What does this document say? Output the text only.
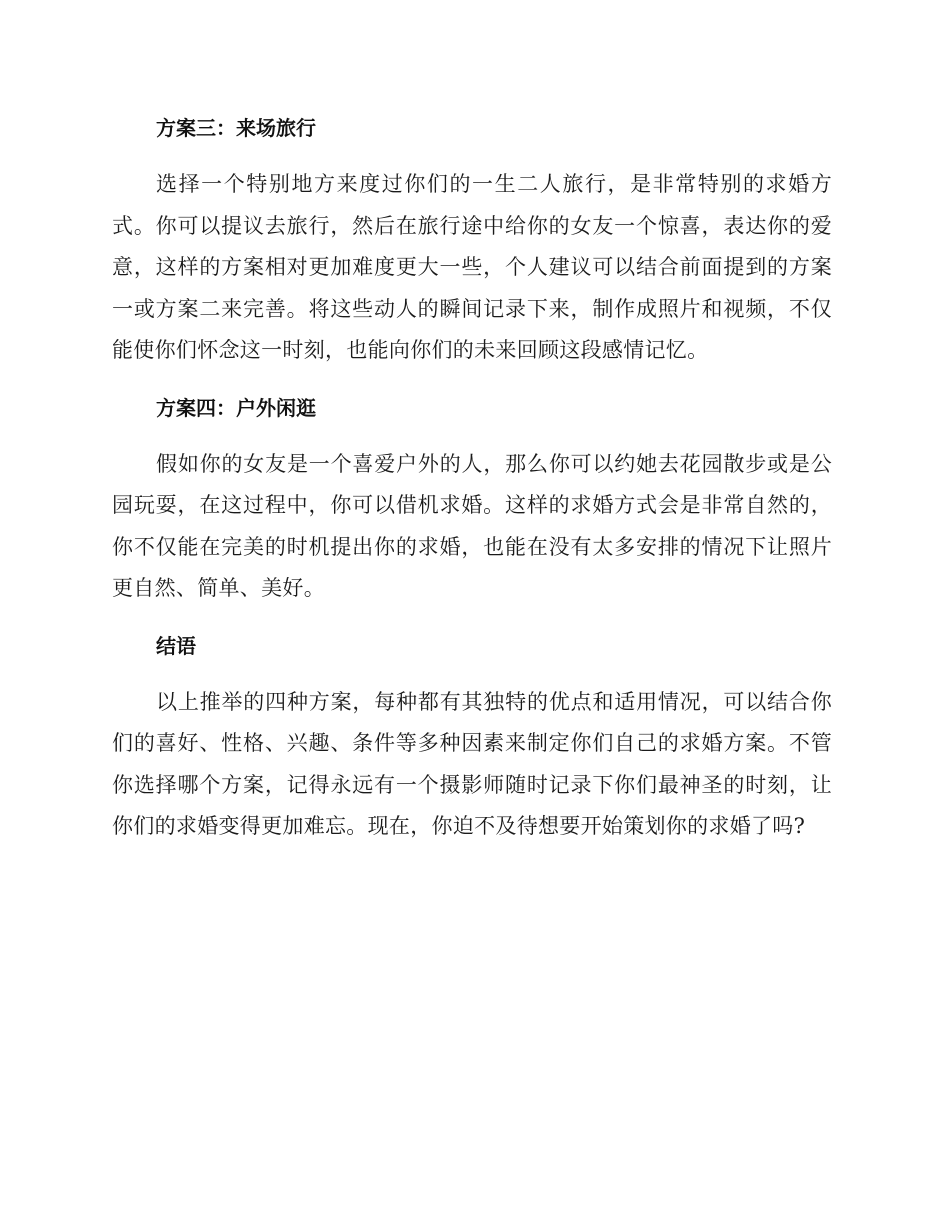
方案三：来场旅行

选择一个特别地方来度过你们的一生二人旅行，是非常特别的求婚方式。你可以提议去旅行，然后在旅行途中给你的女友一个惊喜，表达你的爱意，这样的方案相对更加难度更大一些，个人建议可以结合前面提到的方案一或方案二来完善。将这些动人的瞬间记录下来，制作成照片和视频，不仅能使你们怀念这一时刻，也能向你们的未来回顾这段感情记忆。

方案四：户外闲逛

假如你的女友是一个喜爱户外的人，那么你可以约她去花园散步或是公园玩耍，在这过程中，你可以借机求婚。这样的求婚方式会是非常自然的，你不仅能在完美的时机提出你的求婚，也能在没有太多安排的情况下让照片更自然、简单、美好。

结语

以上推举的四种方案，每种都有其独特的优点和适用情况，可以结合你们的喜好、性格、兴趣、条件等多种因素来制定你们自己的求婚方案。不管你选择哪个方案，记得永远有一个摄影师随时记录下你们最神圣的时刻，让你们的求婚变得更加难忘。现在，你迫不及待想要开始策划你的求婚了吗?
